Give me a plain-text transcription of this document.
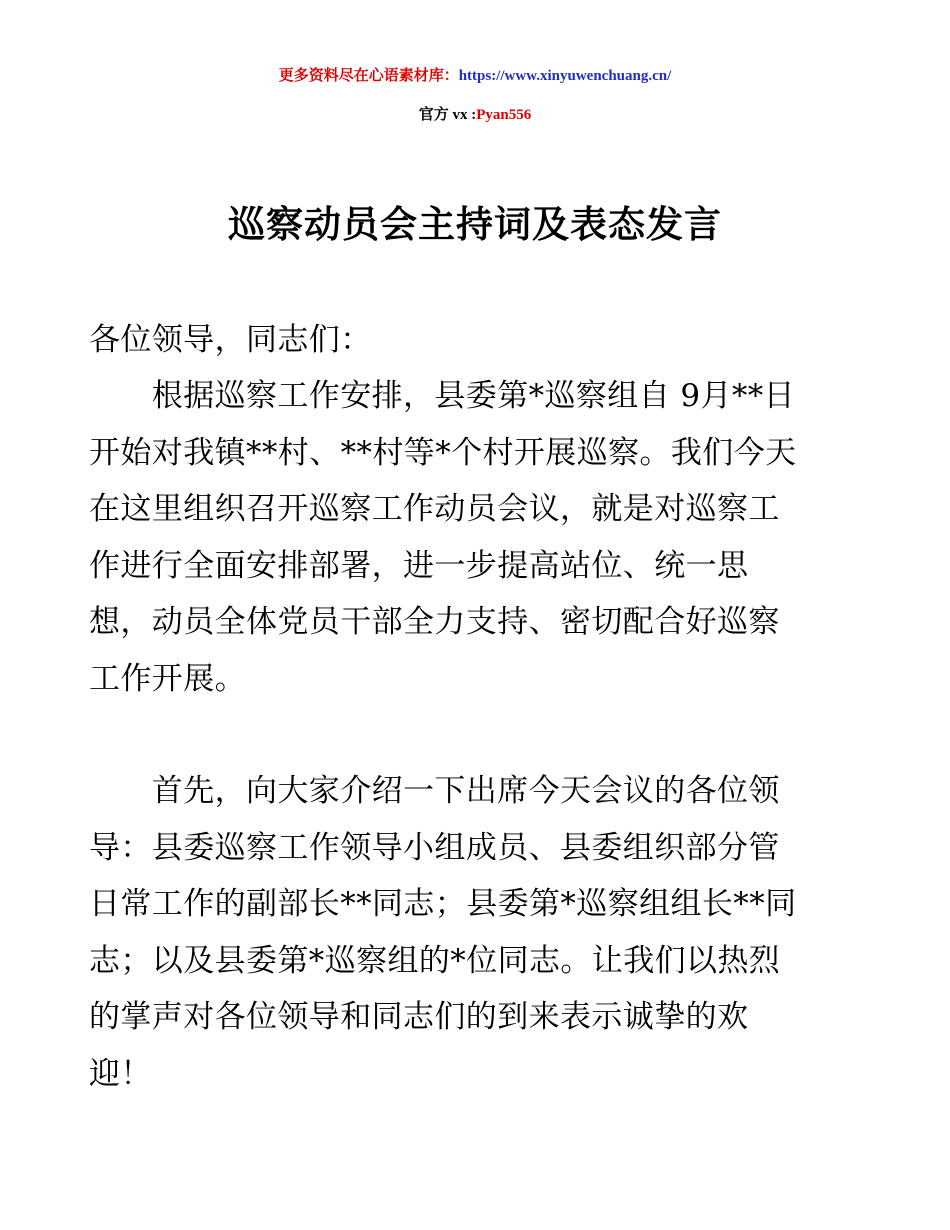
更多资料尽在心语素材库：https://www.xinyuwenchuang.cn/
官方 vx :Pyan556
巡察动员会主持词及表态发言
各位领导，同志们：
　　根据巡察工作安排，县委第*巡察组自 9月**日
开始对我镇**村、**村等*个村开展巡察。我们今天
在这里组织召开巡察工作动员会议，就是对巡察工
作进行全面安排部署，进一步提高站位、统一思
想，动员全体党员干部全力支持、密切配合好巡察
工作开展。
　　首先，向大家介绍一下出席今天会议的各位领
导：县委巡察工作领导小组成员、县委组织部分管
日常工作的副部长**同志；县委第*巡察组组长**同
志；以及县委第*巡察组的*位同志。让我们以热烈
的掌声对各位领导和同志们的到来表示诚挚的欢
迎！
